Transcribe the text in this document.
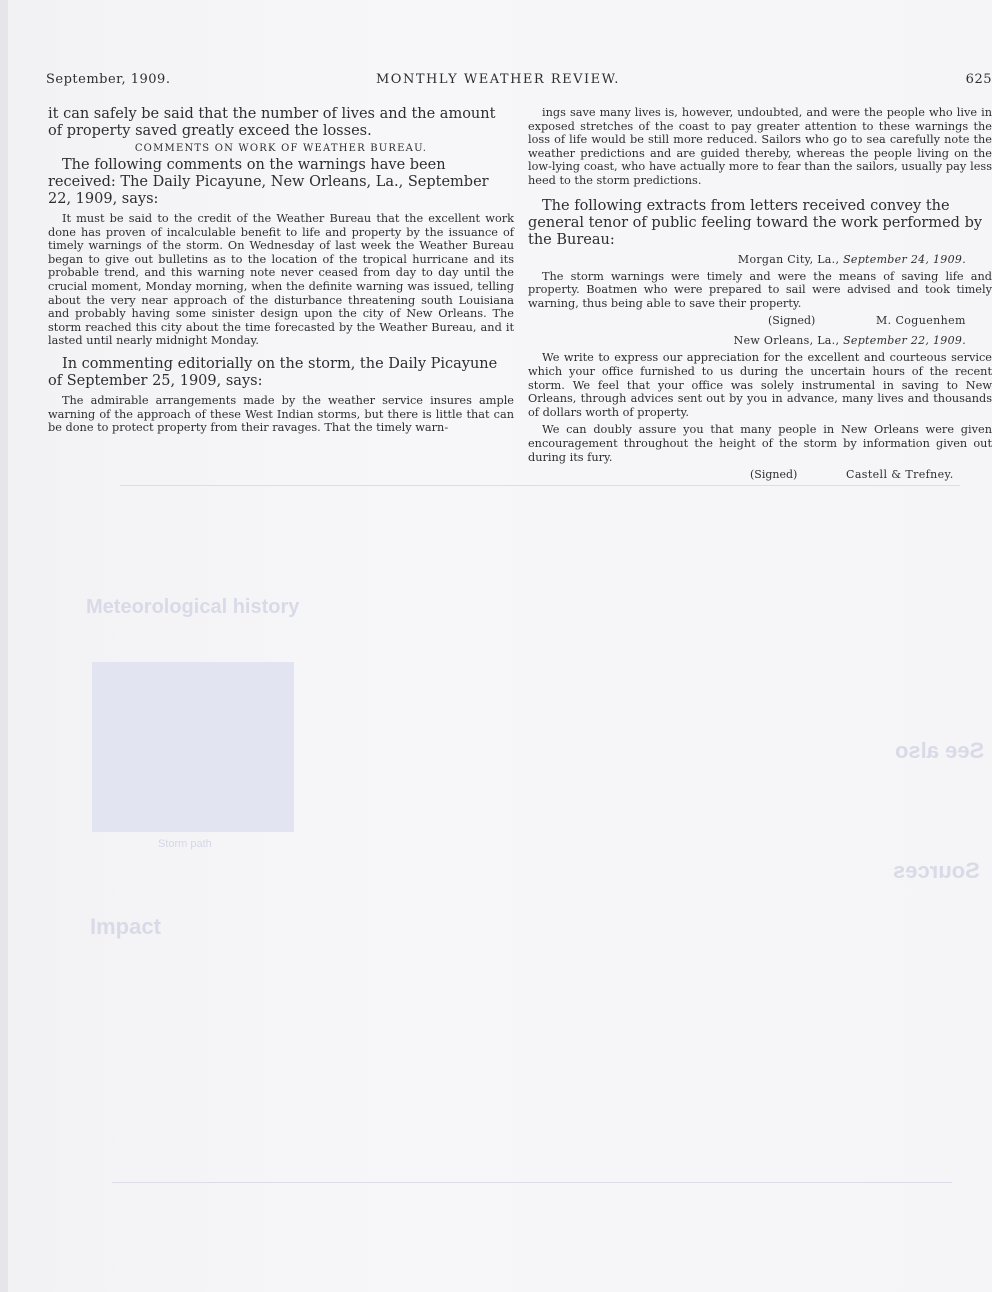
Storm path
Meteorological history
See also
Sources
Impact
September, 1909.	MONTHLY WEATHER REVIEW.	625

it can safely be said that the number of lives and the amount of property saved greatly exceed the losses.

COMMENTS ON WORK OF WEATHER BUREAU.

The following comments on the warnings have been received: The Daily Picayune, New Orleans, La., September 22, 1909, says:

It must be said to the credit of the Weather Bureau that the excellent work done has proven of incalculable benefit to life and property by the issuance of timely warnings of the storm. On Wednesday of last week the Weather Bureau began to give out bulletins as to the location of the tropical hurricane and its probable trend, and this warning note never ceased from day to day until the crucial moment, Monday morning, when the definite warning was issued, telling about the very near approach of the disturbance threatening south Louisiana and probably having some sinister design upon the city of New Orleans. The storm reached this city about the time forecasted by the Weather Bureau, and it lasted until nearly midnight Monday.

In commenting editorially on the storm, the Daily Picayune of September 25, 1909, says:

The admirable arrangements made by the weather service insures ample warning of the approach of these West Indian storms, but there is little that can be done to protect property from their ravages. That the timely warn-

ings save many lives is, however, undoubted, and were the people who live in exposed stretches of the coast to pay greater attention to these warnings the loss of life would be still more reduced. Sailors who go to sea carefully note the weather predictions and are guided thereby, whereas the people living on the low-lying coast, who have actually more to fear than the sailors, usually pay less heed to the storm predictions.

The following extracts from letters received convey the general tenor of public feeling toward the work performed by the Bureau:

Morgan City, La., September 24, 1909.

The storm warnings were timely and were the means of saving life and property. Boatmen who were prepared to sail were advised and took timely warning, thus being able to save their property.

(Signed)	M. Coguenhem

New Orleans, La., September 22, 1909.

We write to express our appreciation for the excellent and courteous service which your office furnished to us during the uncertain hours of the recent storm. We feel that your office was solely instrumental in saving to New Orleans, through advices sent out by you in advance, many lives and thousands of dollars worth of property.

We can doubly assure you that many people in New Orleans were given encouragement throughout the height of the storm by information given out during its fury.

(Signed)	Castell & Trefney.
